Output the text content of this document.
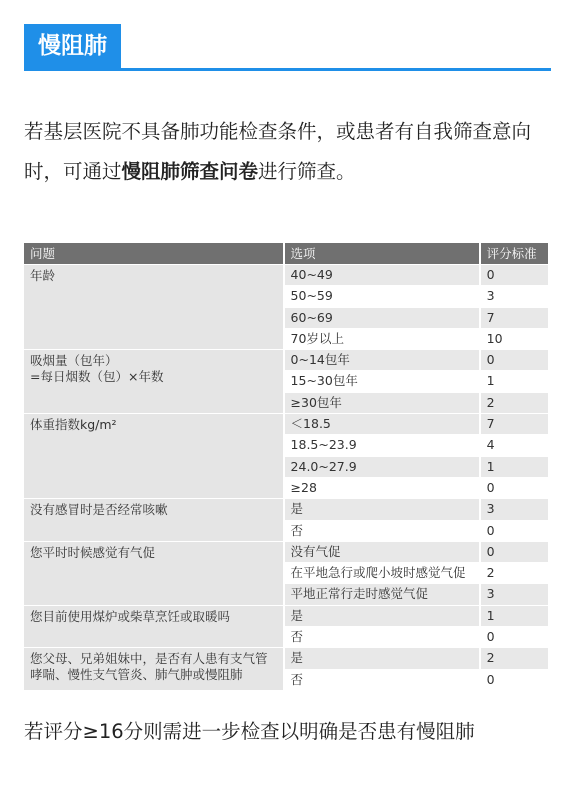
慢阻肺
若基层医院不具备肺功能检查条件，或患者有自我筛查意向时，可通过慢阻肺筛查问卷进行筛查。
问题	选项	评分标准
年龄	40~49	0
	50~59	3
	60~69	7
	70岁以上	10
吸烟量（包年）
=每日烟数（包）×年数	0~14包年	0
	15~30包年	1
	≥30包年	2
体重指数kg/m²	＜18.5	7
	18.5~23.9	4
	24.0~27.9	1
	≥28	0
没有感冒时是否经常咳嗽	是	3
	否	0
您平时时候感觉有气促	没有气促	0
	在平地急行或爬小坡时感觉气促	2
	平地正常行走时感觉气促	3
您目前使用煤炉或柴草烹饪或取暖吗	是	1
	否	0
您父母、兄弟姐妹中，是否有人患有支气管哮喘、慢性支气管炎、肺气肿或慢阻肺	是	2
	否	0
若评分≥16分则需进一步检查以明确是否患有慢阻肺
